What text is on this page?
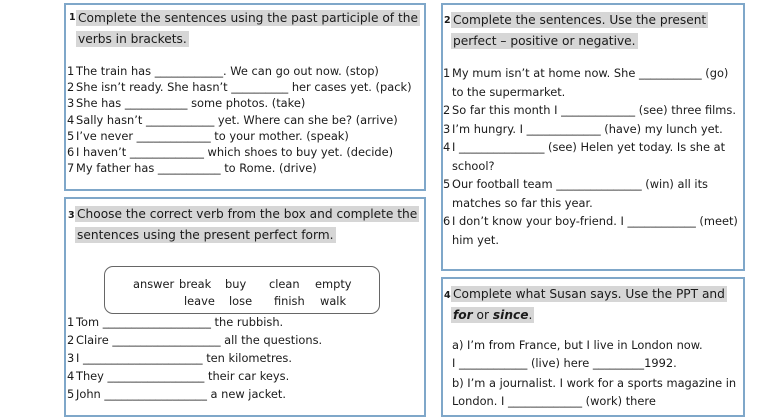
1 Complete the sentences using the past participle of the
verbs in brackets.
1 The train has ____________. We can go out now. (stop)
2 She isn’t ready. She hasn’t __________ her cases yet. (pack)
3 She has ___________ some photos. (take)
4 Sally hasn’t ____________ yet. Where can she be? (arrive)
5 I’ve never _____________ to your mother. (speak)
6 I haven’t _____________ which shoes to buy yet. (decide)
7 My father has ___________ to Rome. (drive)
2 Complete the sentences. Use the present
perfect – positive or negative.
1 My mum isn’t at home now. She ___________ (go) to the supermarket.
2 So far this month I _____________ (see) three films.
3 I’m hungry. I _____________ (have) my lunch yet.
4 I _______________ (see) Helen yet today. Is she at school?
5 Our football team _______________ (win) all its matches so far this year.
6 I don’t know your boy-friend. I ____________ (meet) him yet.
3 Choose the correct verb from the box and complete the
sentences using the present perfect form.
1 Tom ___________________ the rubbish.
2 Claire ___________________ all the questions.
3 I _____________________ ten kilometres.
4 They _________________ their car keys.
5 John __________________ a new jacket.
answer break buy clean empty
leave lose finish walk	4 Complete what Susan says. Use the PPT and
for or since.
a) I’m from France, but I live in London now.
I ____________ (live) here _________1992.
b) I’m a journalist. I work for a sports magazine in
London. I _____________ (work) there
